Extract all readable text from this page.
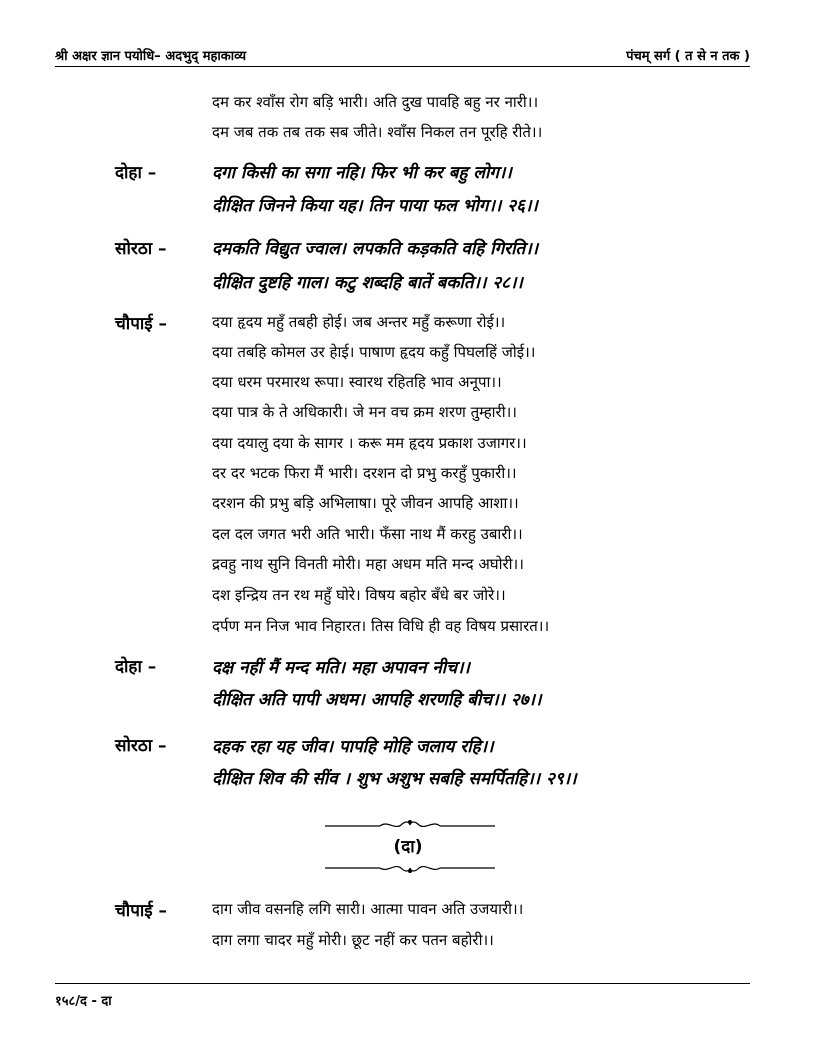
श्री अक्षर ज्ञान पयोधि– अदभुद् महाकाव्य	पंचम् सर्ग ( त से न तक )
दम कर श्वाँस रोग बड़ि भारी। अति दुख पावहि बहु नर नारी।।
दम जब तक तब तक सब जीते। श्वाँस निकल तन पूरहि रीते।।
दोहा –	दगा किसी का सगा नहि। फिर भी कर बहु लोग।।
दीक्षित जिनने किया यह। तिन पाया फल भोग।। २६।।
सोरठा –	दमकति विद्युत ज्वाल। लपकति कड़कति वहि गिरति।।
दीक्षित दुष्टहि गाल। कटु शब्दहि बातें बकति।। २८।।
चौपाई –	दया हृदय महुँ तबही होई। जब अन्तर महुँ करूणा रोई।।
दया तबहि कोमल उर हेाई। पाषाण हृदय कहुँ पिघलहिं जोई।।
दया धरम परमारथ रूपा। स्वारथ रहितहि भाव अनूपा।।
दया पात्र के ते अधिकारी। जे मन वच क्रम शरण तुम्हारी।।
दया दयालु दया के सागर । करू मम हृदय प्रकाश उजागर।।
दर दर भटक फिरा मैं भारी। दरशन दो प्रभु करहुँ पुकारी।।
दरशन की प्रभु बड़ि अभिलाषा। पूरे जीवन आपहि आशा।।
दल दल जगत भरी अति भारी। फँसा नाथ मैं करहु उबारी।।
द्रवहु नाथ सुनि विनती मोरी। महा अधम मति मन्द अघोरी।।
दश इन्द्रिय तन रथ महुँ घोरे। विषय बहोर बँधे बर जोरे।।
दर्पण मन निज भाव निहारत। तिस विधि ही वह विषय प्रसारत।।
दोहा –	दक्ष नहीं मैं मन्द मति। महा अपावन नीच।।
दीक्षित अति पापी अधम। आपहि शरणहि बीच।। २७।।
सोरठा –	दहक रहा यह जीव। पापहि मोहि जलाय रहि।।
दीक्षित शिव की सींव । शुभ अशुभ सबहि समर्पितहि।। २९।।
(दा)
चौपाई –	दाग जीव वसनहि लगि सारी। आत्मा पावन अति उजयारी।।
दाग लगा चादर महुँ मोरी। छूट नहीं कर पतन बहोरी।।
१५८/द - दा
